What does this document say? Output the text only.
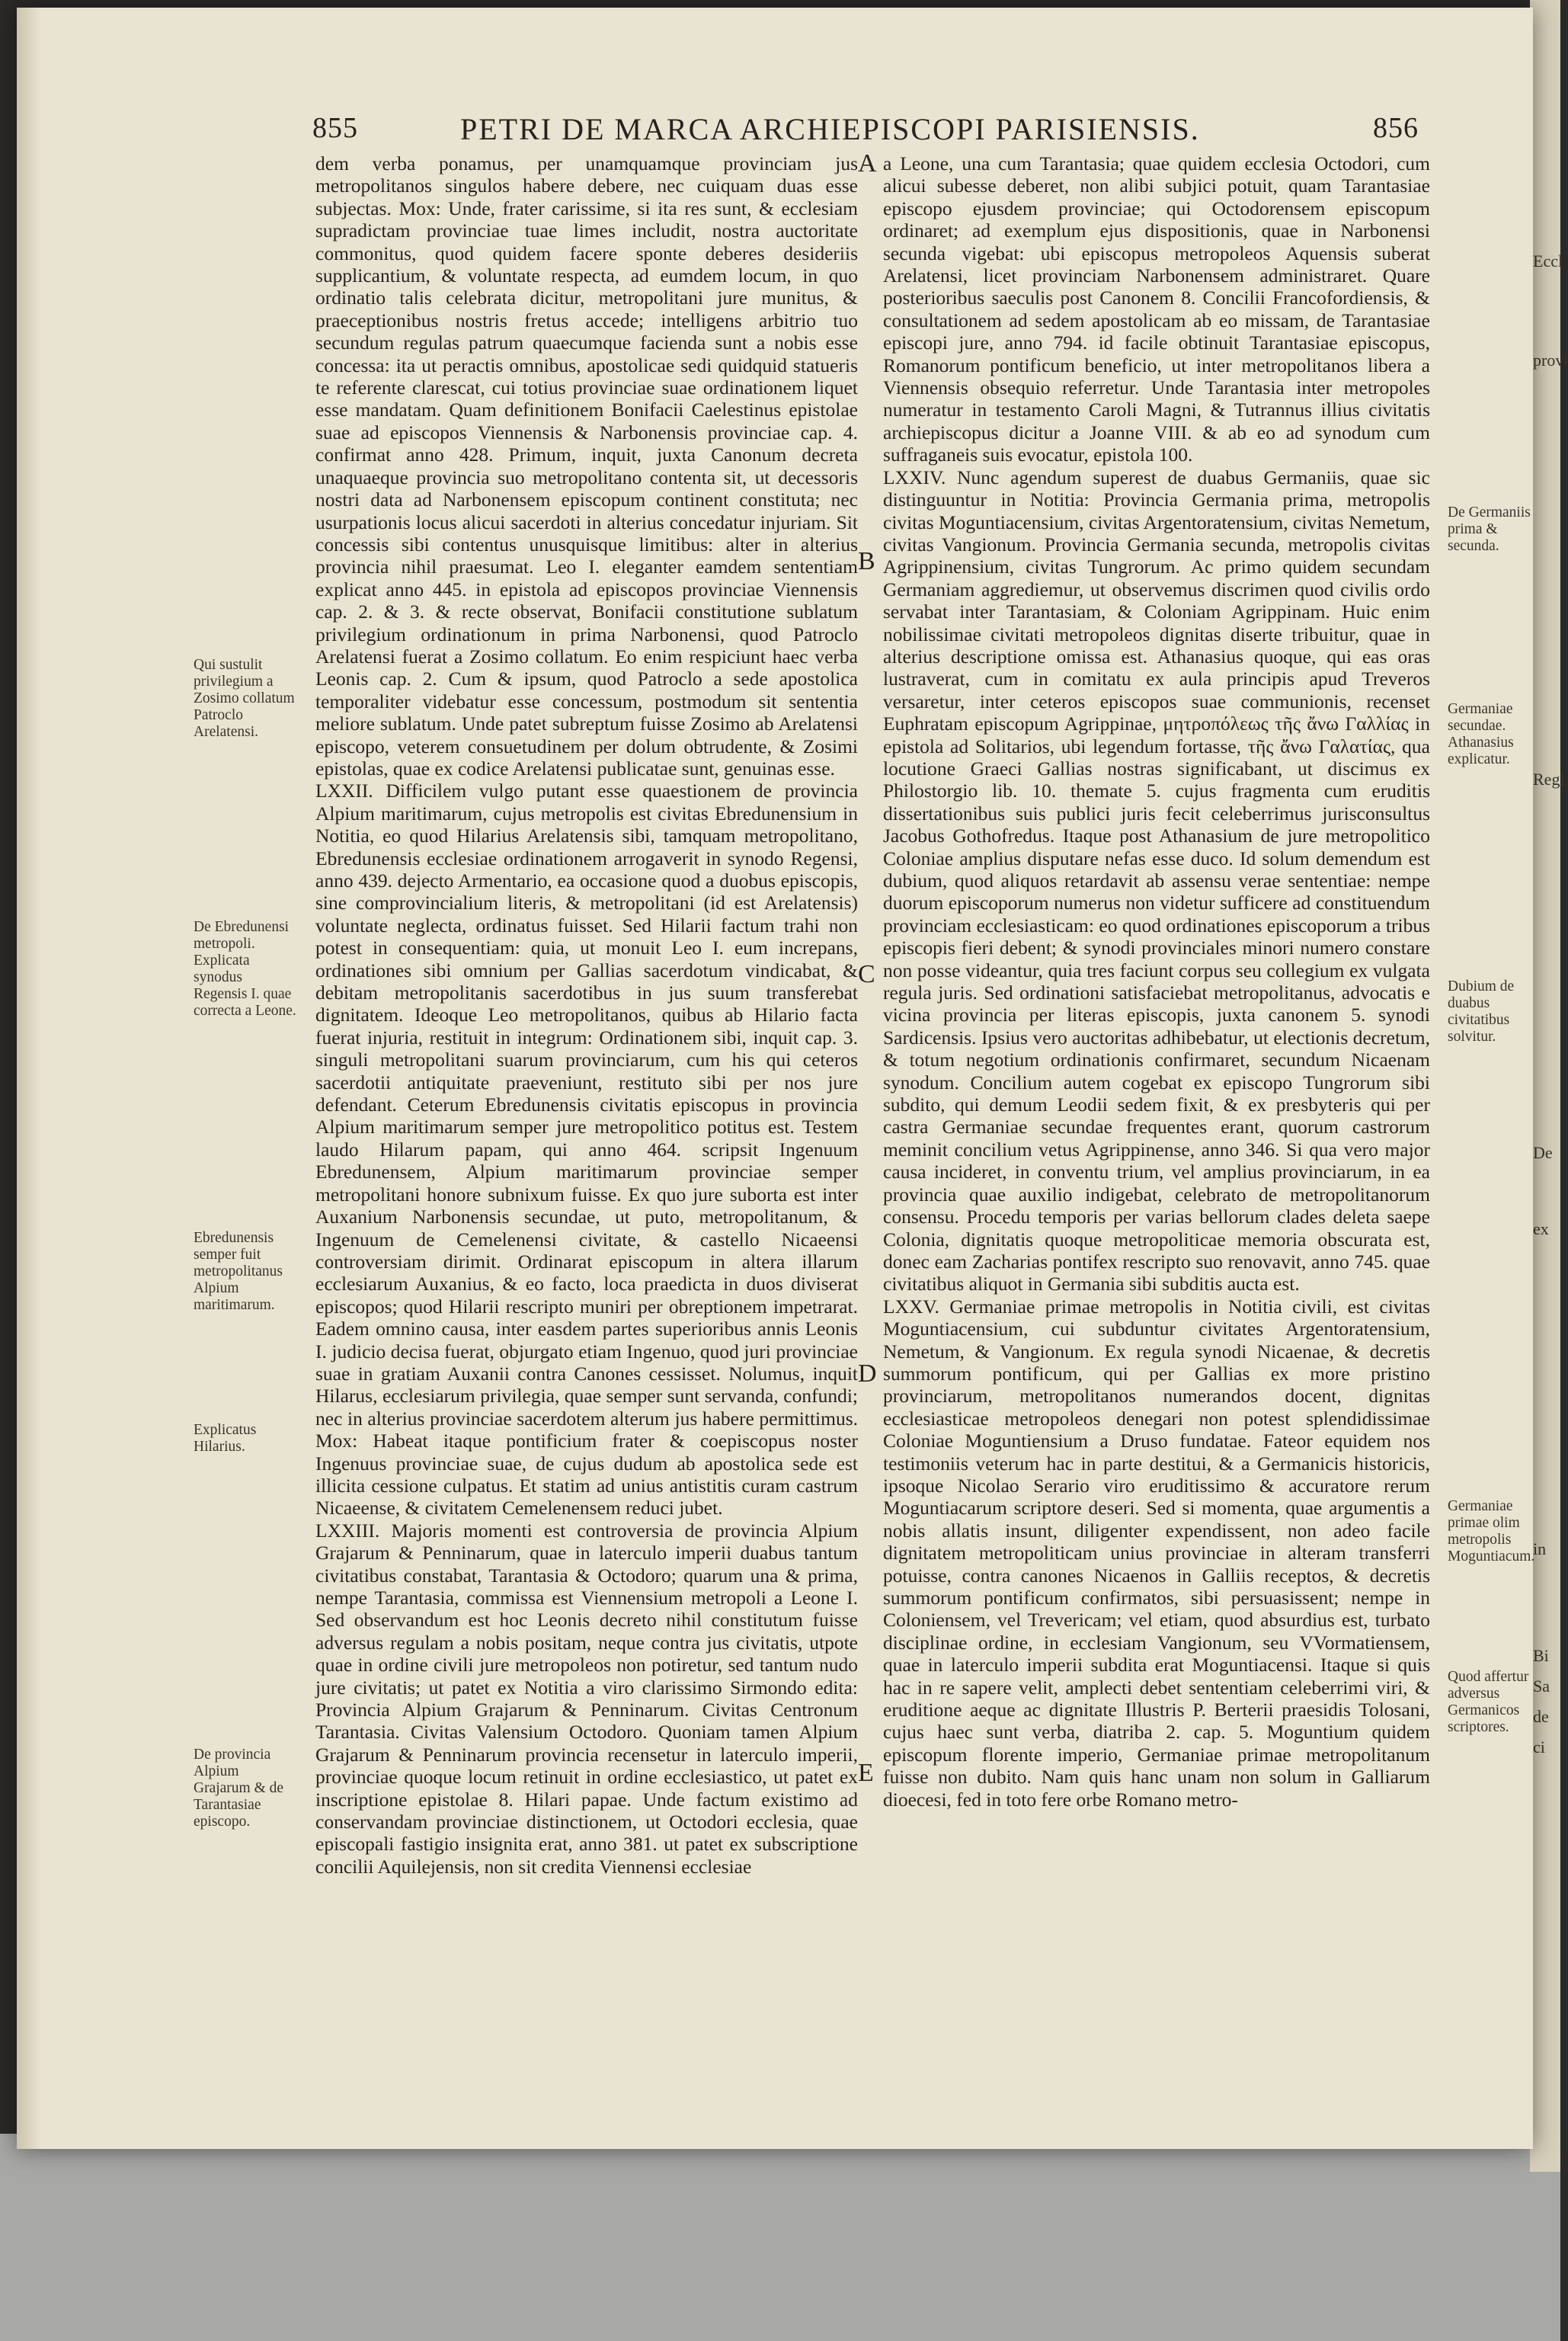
Eccl
provi
Regi
De
ex
in
Bi
Sa
de
ci
855	PETRI DE MARCA ARCHIEPISCOPI PARISIENSIS.	856

dem verba ponamus, per unamquamque provinciam jus metropolitanos singulos habere debere, nec cuiquam duas esse subjectas. Mox: Unde, frater carissime, si ita res sunt, & ecclesiam supradictam provinciae tuae limes includit, nostra auctoritate commonitus, quod quidem facere sponte deberes desideriis supplicantium, & voluntate respecta, ad eumdem locum, in quo ordinatio talis celebrata dicitur, metropolitani jure munitus, & praeceptionibus nostris fretus accede; intelligens arbitrio tuo secundum regulas patrum quaecumque facienda sunt a nobis esse concessa: ita ut peractis omnibus, apostolicae sedi quidquid statueris te referente clarescat, cui totius provinciae suae ordinationem liquet esse mandatam. Quam definitionem Bonifacii Caelestinus epistolae suae ad episcopos Viennensis & Narbonensis provinciae cap. 4. confirmat anno 428. Primum, inquit, juxta Canonum decreta unaquaeque provincia suo metropolitano contenta sit, ut decessoris nostri data ad Narbonensem episcopum continent constituta; nec usurpationis locus alicui sacerdoti in alterius concedatur injuriam. Sit concessis sibi contentus unusquisque limitibus: alter in alterius provincia nihil praesumat. Leo I. eleganter eamdem sententiam explicat anno 445. in epistola ad episcopos provinciae Viennensis cap. 2. & 3. & recte observat, Bonifacii constitutione sublatum privilegium ordinationum in prima Narbonensi, quod Patroclo Arelatensi fuerat a Zosimo collatum. Eo enim respiciunt haec verba Leonis cap. 2. Cum & ipsum, quod Patroclo a sede apostolica temporaliter videbatur esse concessum, postmodum sit sententia meliore sublatum. Unde patet subreptum fuisse Zosimo ab Arelatensi episcopo, veterem consuetudinem per dolum obtrudente, & Zosimi epistolas, quae ex codice Arelatensi publicatae sunt, genuinas esse.

LXXII. Difficilem vulgo putant esse quaestionem de provincia Alpium maritimarum, cujus metropolis est civitas Ebredunensium in Notitia, eo quod Hilarius Arelatensis sibi, tamquam metropolitano, Ebredunensis ecclesiae ordinationem arrogaverit in synodo Regensi, anno 439. dejecto Armentario, ea occasione quod a duobus episcopis, sine comprovincialium literis, & metropolitani (id est Arelatensis) voluntate neglecta, ordinatus fuisset. Sed Hilarii factum trahi non potest in consequentiam: quia, ut monuit Leo I. eum increpans, ordinationes sibi omnium per Gallias sacerdotum vindicabat, & debitam metropolitanis sacerdotibus in jus suum transferebat dignitatem. Ideoque Leo metropolitanos, quibus ab Hilario facta fuerat injuria, restituit in integrum: Ordinationem sibi, inquit cap. 3. singuli metropolitani suarum provinciarum, cum his qui ceteros sacerdotii antiquitate praeveniunt, restituto sibi per nos jure defendant. Ceterum Ebredunensis civitatis episcopus in provincia Alpium maritimarum semper jure metropolitico potitus est. Testem laudo Hilarum papam, qui anno 464. scripsit Ingenuum Ebredunensem, Alpium maritimarum provinciae semper metropolitani honore subnixum fuisse. Ex quo jure suborta est inter Auxanium Narbonensis secundae, ut puto, metropolitanum, & Ingenuum de Cemelenensi civitate, & castello Nicaeensi controversiam dirimit. Ordinarat episcopum in altera illarum ecclesiarum Auxanius, & eo facto, loca praedicta in duos diviserat episcopos; quod Hilarii rescripto muniri per obreptionem impetrarat. Eadem omnino causa, inter easdem partes superioribus annis Leonis I. judicio decisa fuerat, objurgato etiam Ingenuo, quod juri provinciae suae in gratiam Auxanii contra Canones cessisset. Nolumus, inquit Hilarus, ecclesiarum privilegia, quae semper sunt servanda, confundi; nec in alterius provinciae sacerdotem alterum jus habere permittimus. Mox: Habeat itaque pontificium frater & coepiscopus noster Ingenuus provinciae suae, de cujus dudum ab apostolica sede est illicita cessione culpatus. Et statim ad unius antistitis curam castrum Nicaeense, & civitatem Cemelenensem reduci jubet.

LXXIII. Majoris momenti est controversia de provincia Alpium Grajarum & Penninarum, quae in laterculo imperii duabus tantum civitatibus constabat, Tarantasia & Octodoro; quarum una & prima, nempe Tarantasia, commissa est Viennensium metropoli a Leone I. Sed observandum est hoc Leonis decreto nihil constitutum fuisse adversus regulam a nobis positam, neque contra jus civitatis, utpote quae in ordine civili jure metropoleos non potiretur, sed tantum nudo jure civitatis; ut patet ex Notitia a viro clarissimo Sirmondo edita: Provincia Alpium Grajarum & Penninarum. Civitas Centronum Tarantasia. Civitas Valensium Octodoro. Quoniam tamen Alpium Grajarum & Penninarum provincia recensetur in laterculo imperii, provinciae quoque locum retinuit in ordine ecclesiastico, ut patet ex inscriptione epistolae 8. Hilari papae. Unde factum existimo ad conservandam provinciae distinctionem, ut Octodori ecclesia, quae episcopali fastigio insignita erat, anno 381. ut patet ex subscriptione concilii Aquilejensis, non sit credita Viennensi ecclesiae

a Leone, una cum Tarantasia; quae quidem ecclesia Octodori, cum alicui subesse deberet, non alibi subjici potuit, quam Tarantasiae episcopo ejusdem provinciae; qui Octodorensem episcopum ordinaret; ad exemplum ejus dispositionis, quae in Narbonensi secunda vigebat: ubi episcopus metropoleos Aquensis suberat Arelatensi, licet provinciam Narbonensem administraret. Quare posterioribus saeculis post Canonem 8. Concilii Francofordiensis, & consultationem ad sedem apostolicam ab eo missam, de Tarantasiae episcopi jure, anno 794. id facile obtinuit Tarantasiae episcopus, Romanorum pontificum beneficio, ut inter metropolitanos libera a Viennensis obsequio referretur. Unde Tarantasia inter metropoles numeratur in testamento Caroli Magni, & Tutrannus illius civitatis archiepiscopus dicitur a Joanne VIII. & ab eo ad synodum cum suffraganeis suis evocatur, epistola 100.

LXXIV. Nunc agendum superest de duabus Germaniis, quae sic distinguuntur in Notitia: Provincia Germania prima, metropolis civitas Moguntiacensium, civitas Argentoratensium, civitas Nemetum, civitas Vangionum. Provincia Germania secunda, metropolis civitas Agrippinensium, civitas Tungrorum. Ac primo quidem secundam Germaniam aggrediemur, ut observemus discrimen quod civilis ordo servabat inter Tarantasiam, & Coloniam Agrippinam. Huic enim nobilissimae civitati metropoleos dignitas diserte tribuitur, quae in alterius descriptione omissa est. Athanasius quoque, qui eas oras lustraverat, cum in comitatu ex aula principis apud Treveros versaretur, inter ceteros episcopos suae communionis, recenset Euphratam episcopum Agrippinae, μητροπόλεως τῆς ἄνω Γαλλίας in epistola ad Solitarios, ubi legendum fortasse, τῆς ἄνω Γαλατίας, qua locutione Graeci Gallias nostras significabant, ut discimus ex Philostorgio lib. 10. themate 5. cujus fragmenta cum eruditis dissertationibus suis publici juris fecit celeberrimus jurisconsultus Jacobus Gothofredus. Itaque post Athanasium de jure metropolitico Coloniae amplius disputare nefas esse duco. Id solum demendum est dubium, quod aliquos retardavit ab assensu verae sententiae: nempe duorum episcoporum numerus non videtur sufficere ad constituendum provinciam ecclesiasticam: eo quod ordinationes episcoporum a tribus episcopis fieri debent; & synodi provinciales minori numero constare non posse videantur, quia tres faciunt corpus seu collegium ex vulgata regula juris. Sed ordinationi satisfaciebat metropolitanus, advocatis e vicina provincia per literas episcopis, juxta canonem 5. synodi Sardicensis. Ipsius vero auctoritas adhibebatur, ut electionis decretum, & totum negotium ordinationis confirmaret, secundum Nicaenam synodum. Concilium autem cogebat ex episcopo Tungrorum sibi subdito, qui demum Leodii sedem fixit, & ex presbyteris qui per castra Germaniae secundae frequentes erant, quorum castrorum meminit concilium vetus Agrippinense, anno 346. Si qua vero major causa incideret, in conventu trium, vel amplius provinciarum, in ea provincia quae auxilio indigebat, celebrato de metropolitanorum consensu. Procedu temporis per varias bellorum clades deleta saepe Colonia, dignitatis quoque metropoliticae memoria obscurata est, donec eam Zacharias pontifex rescripto suo renovavit, anno 745. quae civitatibus aliquot in Germania sibi subditis aucta est.

LXXV. Germaniae primae metropolis in Notitia civili, est civitas Moguntiacensium, cui subduntur civitates Argentoratensium, Nemetum, & Vangionum. Ex regula synodi Nicaenae, & decretis summorum pontificum, qui per Gallias ex more pristino provinciarum, metropolitanos numerandos docent, dignitas ecclesiasticae metropoleos denegari non potest splendidissimae Coloniae Moguntiensium a Druso fundatae. Fateor equidem nos testimoniis veterum hac in parte destitui, & a Germanicis historicis, ipsoque Nicolao Serario viro eruditissimo & accuratore rerum Moguntiacarum scriptore deseri. Sed si momenta, quae argumentis a nobis allatis insunt, diligenter expendissent, non adeo facile dignitatem metropoliticam unius provinciae in alteram transferri potuisse, contra canones Nicaenos in Galliis receptos, & decretis summorum pontificum confirmatos, sibi persuasissent; nempe in Coloniensem, vel Trevericam; vel etiam, quod absurdius est, turbato disciplinae ordine, in ecclesiam Vangionum, seu VVormatiensem, quae in laterculo imperii subdita erat Moguntiacensi. Itaque si quis hac in re sapere velit, amplecti debet sententiam celeberrimi viri, & eruditione aeque ac dignitate Illustris P. Berterii praesidis Tolosani, cujus haec sunt verba, diatriba 2. cap. 5. Moguntium quidem episcopum florente imperio, Germaniae primae metropolitanum fuisse non dubito. Nam quis hanc unam non solum in Galliarum dioecesi, fed in toto fere orbe Romano metro-

A
B
C
D
E
Qui sustulit privilegium a Zosimo collatum Patroclo Arelatensi.
De Ebredunensi metropoli. Explicata synodus Regensis I. quae correcta a Leone.
Ebredunensis semper fuit metropolitanus Alpium maritimarum.
Explicatus Hilarius.
De provincia Alpium Grajarum & de Tarantasiae episcopo.
De Germaniis prima & secunda.
Germaniae secundae. Athanasius explicatur.
Dubium de duabus civitatibus solvitur.
Germaniae primae olim metropolis Moguntiacum.
Quod affertur adversus Germanicos scriptores.
